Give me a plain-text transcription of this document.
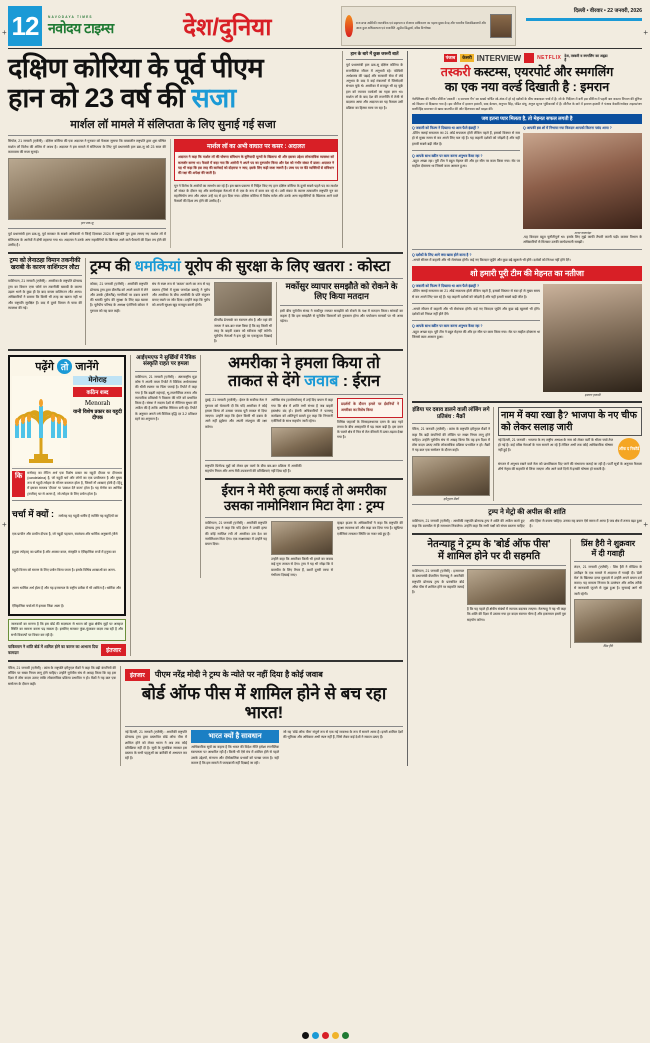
12	NAVODAYA TIMES
नवोदय टाइम्स	देश/दुनिया	राज सभा अमेरिकी राजनयिक एवं सहायता व रोजगार प्राधिकरण का पहला मुख्य केन्द्र और भारतीय विश्वविद्यालयों और आज कुल अधिमान्यता एवं राजनीति -सुप्रीम सिद्धार्थ, वरिष्ठ विश्लेषक
दिल्ली • वीरवार • 22 जनवरी, 2026
दक्षिण कोरिया के पूर्व पीएम
हान को 23 वर्ष की सजा
मार्शल लॉ मामले में संलिप्तता के लिए सुनाई गई सजा
सियोल, 21 जनवरी (एजेंसी) : दक्षिण कोरिया की एक अदालत ने गुरुवार को फैसला सुनाया कि तत्कालीन राष्ट्रपति द्वारा शुरू घोषित मार्शल लॉ विरोध की अंतिम में अवध है। अदालत ने इस मामले में संलिप्तता के लिए पूर्व प्रधानमंत्री हान डक-सू को 23 साल की कारावास की सजा सुनाई।
हान डक-सू
पूर्व प्रधानमंत्री हान डक-सू, पूर्व सरकार के सबसे अधिकारी थे जिन्हें दिसम्बर 2024 में राष्ट्रपति यून द्वारा लगाए गए मार्शल लॉ में संलिप्तता के आरोपों में दोषी ठहराया गया था। अदालत ने उनके अन्य सहयोगियों के खिलाफ आने वाले फैसलों की दिशा तय होने की उम्मीद है।
मार्शल लॉ का अभी वाघात पर कसर : अदालत
अदालत ने कहा कि मार्शल लॉ की घोषणा संविधान के बुनियादी मूल्यों के खिलाफ थी और इसका उद्देश्य लोकतांत्रिक व्यवस्था को कमजोर करना था। फैसले में कहा गया कि आरोपी ने अपने पद का दुरुपयोग किया और देश को गंभीर संकट में डाला। अदालत ने यह भी कहा कि इस तरह की कार्रवाई को दोहराया न जाए, इसके लिए कड़ी सजा जरूरी है। उच्च पद पर बैठे व्यक्तियों से संविधान की रक्षा की अपेक्षा की जाती है।
यून ने विरोध के आरोपों का समर्थन कर रहे हैं। इस खास प्रकरण में निहित किए गए हान दक्षिण कोरिया के दूसरे सबसे पहले पद का मार्शल लॉ संकट के दौरान यह और कार्यवाहक नेताओं में से एक के रूप में काम कर रहे थे। उसी संकट के कारण तत्कालीन राष्ट्रपति यून का महाभियोग लगा और अंततः उन्हें पद से हटा दिया गया। दक्षिण कोरिया में विरोध समेत और उनके अन्य सहयोगियों के खिलाफ आने वाले फैसलों की दिशा तय होने की उम्मीद है।
हान के बारे में कुछ जरूरी बातें
पूर्व प्रधानमंत्री हान डक-सू दक्षिण कोरिया के राजनीतिक जीवन में अनुभवी रहे। पश्चिमी अर्थशास्त्र की पढ़ाई और सरकारी सेवा में लंबे अनुभव के बाद वे कई मंत्रालयों में जिम्मेदारी संभाल चुके थे। अमरीका में राजदूत भी रह चुके हान को व्यापार वार्ताओं का गहरा ज्ञान था। मार्शल लॉ के बाद देश की राजनीति में तेजी से बदलाव आया और अदालत का यह फैसला उसी प्रक्रिया का हिस्सा माना जा रहा है।
ट्रम्प को लेनाठहा विमान तकनीकी खराबी के कारण वाशिंगटन लौटा
वाशिंगटन, 21 जनवरी (एजेंसी) : अमरीका के राष्ट्रपति डोनाल्ड ट्रम्प का विमान एयर फोर्स वन तकनीकी खराबी के कारण उड़ान भरने के कुछ ही देर बाद वापस वाशिंगटन लौट आया। अधिकारियों ने बताया कि किसी भी तरह का खतरा नहीं था और राष्ट्रपति सुरक्षित हैं। बाद में दूसरे विमान से यात्रा की व्यवस्था की गई।
ट्रम्प की धमकियां यूरोप की सुरक्षा के लिए खतरा : कोस्टा
कोस्टा, 21 जनवरी (एजेंसी) : अमरीकी राष्ट्रपति डोनाल्ड ट्रम्प द्वारा ग्रीनलैंड को अपने कब्जे में लेने और उसके (ग्रीनलैंड) नागरिकों पर दबाव बनाने की धमकी यूरोप की सुरक्षा के लिए बड़ा खतरा है। यूरोपीय परिषद के अध्यक्ष एंटोनियो कोस्टा ने गुरुवार को यह बात कही।
संघ से स्पष्ट रूप से 'कब्जा' करने का रूप से यह प्रस्ताव (जिसे में मुख्य जनादेश बताई) ने यूरोप और अमरीका के बीच अमरीकी के प्रति संतुलन बनाए रखने पर जोर दिया। उन्होंने कहा कि यूरोप को अपनी सुरक्षा खुद मजबूत करनी होगी।
ग्रीनलैंड डेनमार्क का स्वायत्त क्षेत्र है और वहां की जनता ने बार-बार स्पष्ट किया है कि वह किसी भी तरह के बाहरी दबाव को स्वीकार नहीं करेगी। यूरोपीय नेताओं ने इस मुद्दे पर एकजुटता दिखाई है।
मर्कोसुर व्यापार समझौते को रोकने के लिए किया मतदान
इसी बीच यूरोपीय संसद ने मर्कोसुर व्यापार समझौते को रोकने के पक्ष में मतदान किया। सांसदों का कहना है कि इस समझौते से यूरोपीय किसानों को नुकसान होगा और पर्यावरण मानकों पर भी असर पड़ेगा।
पढ़ेंगे तो जानेंगे
मेनोराह
कठिन शब्द
Menorah
यानी विशेष प्रकार का यहूदी दीपक
कि	मनोराह का लैटिन अर्थ एक विशेष प्रकार का यहूदी दीपक या दीपाधार (candelabra) है, जो यहूदी धर्म और लोगों का एक प्राचीनतम है और मुख्य रूप से यहूदी त्योहार के मौजन करताल होता है, जिसमें नौ शाखाएं होती हैं। हिंदू में इसका मतलब 'दीपक' या 'प्रकाश देने वाला' होता है। यह मेनोरा का आर्थिक (मजीरा) घर से अलग है, जो त्योहार के लिए प्रयोग होता है।
चर्चा में क्यों : मनोराह यह यहूदी धर्मीय है व्यक्ति यह यहूदियों का एक प्राचीन और प्राचीन दीपक है, जो यहूदी पहचान, स्वतंत्रता और धार्मिक अनुष्ठानों (जैसे हनुका त्योहार) का प्रतीक है और अवसर काल, संस्कृति व ऐतिहासिक रूपों में हनुका का यहूदी विजय को स्मरण के लिए प्रयोग किया जाता है। इसके विभिन्न शाखाओं का अलग-अलग धार्मिक अर्थ होता है और यह इजरायल के राष्ट्रीय प्रतीक में भी शामिल है। धार्मिक और ऐतिहासिक चर्चाओं में इसका जिक्र आता है।
जानकारों का मानना है कि इस बोर्ड की सदस्यता से भारत को कुछ क्षेत्रीय मुद्दों पर असहज स्थिति का सामना करना पड़ सकता है। इसलिए सरकार फूंक-फूंककर कदम रख रही है और सभी विकल्पों पर विचार कर रही है।
पाकिस्तान ने शांति बोर्ड में शामिल होने का कारण का आभास दिया कामदार	इंतजार
आईएमएफ ने सुर्खियों में रैबिक संस्कृति राहत पर हमला
वाशिंगटन, 21 जनवरी (एजेंसी) : अंतरराष्ट्रीय मुद्रा कोष ने अपनी ताजा रिपोर्ट में वैश्विक अर्थव्यवस्था की धीमी रफ्तार पर चिंता जताई है। रिपोर्ट में कहा गया है कि बढ़ती महंगाई, भू-राजनीतिक तनाव और व्यापारिक प्रतिबंधों ने विकास की गति को प्रभावित किया है। संस्था ने सदस्य देशों से नीतिगत सुधार की अपील की है ताकि आर्थिक स्थिरता बनी रहे। रिपोर्ट के अनुसार अगले वर्ष वैश्विक वृद्धि दर 3.2 प्रतिशत रहने का अनुमान है।
अमरीका ने हमला किया तो
ताकत से देंगे जवाब : ईरान
दुबई, 21 जनवरी (एजेंसी) : ईरान के सर्वोच्च नेता ने गुरुवार को चेतावनी दी कि यदि अमरीका ने कोई हमला किया तो उसका जवाब पूरी ताकत से दिया जाएगा। उन्होंने कहा कि ईरान किसी भी दबाव के आगे नहीं झुकेगा और अपनी संप्रभुता की रक्षा करेगा।
आर्थिक मंच (दावोस्फोरम) में उन्हें दिए बयान में कहा गया कि क्षेत्र में शांति तभी संभव है जब बाहरी हस्तक्षेप बंद हो। ईरानी अधिकारियों ने परमाणु कार्यक्रम को शांतिपूर्ण बताते हुए कहा कि निगरानी एजेंसियों के साथ सहयोग जारी रहेगा।
प्रदर्शनों के दौरान हमले पर ईरानियों ने अमरीका का विरोध किया
विभिन्न जहाजों के मिसाइलधारक दमन के बाद गहरे तनाव के बीच असहमति में पड़ जाता बढ़ी है। इस दमन के चलते क्षेत्र में फिर से तेल कीमतों में उतार-चढ़ाव देखा गया है।
राष्ट्रपति ग्रिनोल्ड मुद्दों को लेकर इस वार्ता के बीच बार-बार प्रक्रिया में अमरीकी सहयोग नियम और अन्य मैत्री उपकरणों की प्रतिक्रियाएं नहीं दिख रही हैं।
ईरान ने मेरी हत्या कराई तो अमरीका
उसका नामोनिशान मिटा देगा : ट्रम्प
वाशिंगटन, 21 जनवरी (एजेंसी) : अमरीकी राष्ट्रपति डोनाल्ड ट्रम्प ने कहा कि यदि ईरान ने उनकी हत्या की कोई साजिश रची तो अमरीका उस देश का नामोनिशान मिटा देगा। एक साक्षात्कार में उन्होंने यह बयान दिया।
उन्होंने कहा कि अमरीका किसी भी हमले का जवाब कई गुना ताकत से देगा। ट्रम्प ने यह भी जोड़ा कि वे बातचीत के लिए तैयार हैं, बशर्ते दूसरी तरफ से गंभीरता दिखाई जाए।
व्हाइट हाउस के अधिकारियों ने कहा कि राष्ट्रपति की सुरक्षा व्यवस्था को और कड़ा कर दिया गया है। खुफिया एजेंसियां लगातार स्थिति पर नजर रखे हुए हैं।
पेरिस, 21 जनवरी (एजेंसी) : फ्रांस के राष्ट्रपति इमैनुएल मैक्रों ने कहा कि बड़ी कंपनियों की लॉबिंग पर सख्त नियम लागू होने चाहिए। उन्होंने यूरोपीय संघ से आग्रह किया कि वह इस दिशा में ठोस कदम उठाए ताकि लोकतांत्रिक प्रक्रिया प्रभावित न हो। मैक्रों ने यह बात एक सम्मेलन के दौरान कही।
इंतजार	पीएम नरेंद्र मोदी ने ट्रम्प के न्योते पर नहीं दिया है कोई जवाब
बोर्ड ऑफ पीस में शामिल होने से बच रहा भारत!
नई दिल्ली, 21 जनवरी (एजेंसी) : अमरीकी राष्ट्रपति डोनाल्ड ट्रम्प द्वारा प्रस्तावित बोर्ड ऑफ पीस में शामिल होने को लेकर भारत ने अब तक कोई प्रतिक्रिया नहीं दी है। सूत्रों के मुताबिक सरकार इस प्रस्ताव के सभी पहलुओं का बारीकी से अध्ययन कर रही है।
भारत क्यों है सावधान
आधिकारिक सूत्रों का कहना है कि भारत की विदेश नीति हमेशा रणनीतिक स्वायत्तता पर आधारित रही है। किसी भी ऐसे मंच में शामिल होने से पहले उसके उद्देश्यों, संरचना और दीर्घकालिक प्रभावों को परखा जाता है। यही कारण है कि इस मामले में जल्दबाजी नहीं दिखाई जा रही।
जो यह 'बोर्ड ऑफ पीस' संपूर्ण रूप से एक नई व्यवस्था के रूप में सामने आया है। इसमें शामिल देशों की भूमिका और अधिकार अभी स्पष्ट नहीं हैं, जिसे लेकर कई देशों ने सवाल उठाए हैं।
पंजाब	केसरी INTERVIEW	NETFLIX देश, तस्करी व स्मगलिंग का अड़्डा है
तस्करी कस्टम्स, एयरपोर्ट और स्मगलिंग
का एक नया वर्ल्ड दिखाती है : इमरान
नेटफ्लिक्स की चर्चित सीरीज 'तस्करी : द स्मगलर गैंग' का सबसे चर्चित शो-अंक में हो रहे दर्शकों के बीच जबरदस्त चर्चा में है। शो के निर्देशन में बनी इस सीरीज में पहली बार कस्टम विभाग की दुनिया को विस्तार से दिखाया गया है। इस सीरीज में इमरान हाशमी, साद बेलाल, अनुपम सिंह, पंडित संधू, अनुज सूरज भूमिकाओं में हैं। सीरीज के बारे में इमरान हाशमी ने पंजाब केसरी/नवोदय टाइम्स/जग बाणी/हिंद समाचार से खास बातचीत की और दिलचस्प बातें साझा कीं।
जब इतना प्यार मिलता है, तो मेहनत सफल लगती है
Q जवाली को फिल्म ने दिखाया था आम फैले इंडस्ट्री ?
-ग्रेविंग फ्लाई सफलता का 21 ओर्ड सफलता होती लेकिन पहले हैं, इसको विस्तार से स्वर हो से मुख्य समय से कर अपने लिए चल रहे हैं। यह कहानी दर्शकों को जोड़ती है और यही हमारी सबसे बड़ी जीत है।
Q आपके साथ स्क्रीन पर काम करना अनुभव कैसा रहा ?
-बहुत अच्छा रहा। पूरी टीम ने बहुत मेहनत की और हर सीन पर काम किया गया। सेट पर माहौल दोस्ताना था जिससे काम आसान हुआ।
Q आपकी इस शो में निभाया गया किरदार आपको कितना पसंद आया ?
अन्या वालानंद्रा
-यह किरदार बहुत चुनौतीपूर्ण था। इसके लिए मुझे काफी तैयारी करनी पड़ी। कस्टम विभाग के अधिकारियों से मिलकर उनकी कार्यप्रणाली समझी।
Q दर्शकों के लिए आगे क्या खास होने वाला है ?
-अगले सीजन में कहानी और भी रोमांचक होगी। कई नए किरदार जुड़ेंगे और कुछ बड़े खुलासे भी होंगे। दर्शकों को निराश नहीं होने देंगे।
शो हमारी पूरी टीम की मेहनत का नतीजा
Q जवाली को फिल्म ने दिखाया था आम फैले इंडस्ट्री ?
-ग्रेविंग फ्लाई सफलता का 21 ओर्ड सफलता होती लेकिन पहले हैं, इसको विस्तार से स्वर हो से मुख्य समय से कर अपने लिए चल रहे हैं। यह कहानी दर्शकों को जोड़ती है और यही हमारी सबसे बड़ी जीत है।
-अगले सीजन में कहानी और भी रोमांचक होगी। कई नए किरदार जुड़ेंगे और कुछ बड़े खुलासे भी होंगे। दर्शकों को निराश नहीं होने देंगे।
Q आपके साथ स्क्रीन पर काम करना अनुभव कैसा रहा ?
-बहुत अच्छा रहा। पूरी टीम ने बहुत मेहनत की और हर सीन पर काम किया गया। सेट पर माहौल दोस्ताना था जिससे काम आसान हुआ।
इमरान हाशमी
इंडिया पर दबाव डालने वाली लॉबिंग लगे प्रतिबंध : मैक्रों
पेरिस, 21 जनवरी (एजेंसी) : फ्रांस के राष्ट्रपति इमैनुएल मैक्रों ने कहा कि बड़ी कंपनियों की लॉबिंग पर सख्त नियम लागू होने चाहिए। उन्होंने यूरोपीय संघ से आग्रह किया कि वह इस दिशा में ठोस कदम उठाए ताकि लोकतांत्रिक प्रक्रिया प्रभावित न हो। मैक्रों ने यह बात एक सम्मेलन के दौरान कही।
इमैनुएल मैक्रों
नाम में क्या रखा है? भाजपा के नए चीफ को लेकर सलाह जारी
नई दिल्ली, 21 जनवरी : भाजपा के नए राष्ट्रीय अध्यक्ष के नाम को लेकर पार्टी के भीतर चर्चा तेज हो गई है। कई वरिष्ठ नेताओं के नाम सामने आ रहे हैं लेकिन अभी तक कोई आधिकारिक घोषणा नहीं हुई है।	ऑफ द रिकॉर्ड
संगठन में अनुभव रखने वाले नेता को प्राथमिकता दिए जाने की संभावना जताई जा रही है। पार्टी सूत्रों के अनुसार फैसला शीर्ष नेतृत्व की सहमति से लिया जाएगा और आने वाले दिनों में इसकी घोषणा हो सकती है।
ट्रम्प ने मेट्रो की अपील की शांति
वाशिंगटन, 21 जनवरी (एजेंसी) : अमरीकी राष्ट्रपति डोनाल्ड ट्रम्प ने शांति की अपील करते हुए कहा कि बातचीत से ही समाधान निकलेगा। उन्होंने कहा कि सभी पक्षों को संयम बरतना चाहिए और हिंसा से बचना चाहिए। उनका यह बयान ऐसे समय में आया है जब क्षेत्र में तनाव बढ़ा हुआ है।
नेतन्याहू ने ट्रम्प के 'बोर्ड ऑफ पीस'
में शामिल होने पर दी सहमति
वाशिंगटन, 21 जनवरी (एजेंसी) : इजरायल के प्रधानमंत्री बेंजामिन नेतन्याहू ने अमरीकी राष्ट्रपति डोनाल्ड ट्रम्प के प्रस्तावित बोर्ड ऑफ पीस में शामिल होने पर सहमति जताई है।
है कि यह पहले ही क्षेत्रीय संबंधों में व्यापक बदलाव लाएगा। नेतन्याहू ने यह भी कहा कि शांति की दिशा में उठाया गया हर कदम स्वागत योग्य है और इजरायल इसमें पूरा सहयोग करेगा।
प्रिंस हैरी ने शुक्रवार
में दी गवाही
लंदन, 21 जनवरी (एजेंसी) : प्रिंस हैरी ने मीडिया के उत्पीड़न के एक मामले में अदालत में गवाही दी। 'डेली मेल' के खिलाफ दायर मुकदमे में उन्होंने अपने बयान दर्ज कराए। यह मामला निजता के उल्लंघन और अवैध तरीके से जानकारी जुटाने से जुड़ा हुआ है। सुनवाई आगे भी जारी रहेगी।
प्रिंस हैरी
+	+
+	+
